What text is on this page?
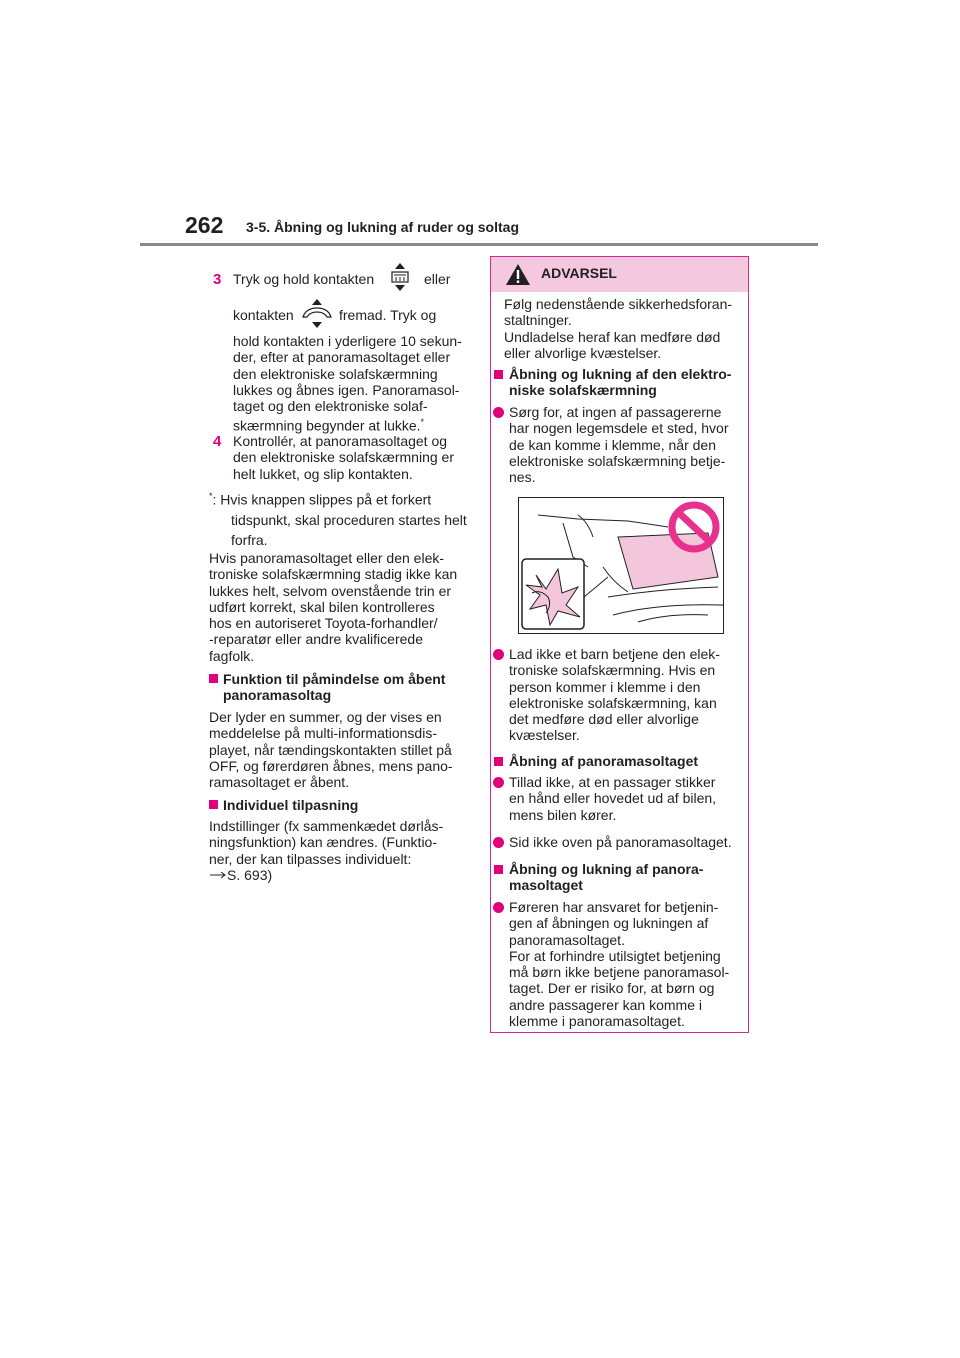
262 3-5. Åbning og lukning af ruder og soltag
3 Tryk og hold kontakten	eller
kontakten	fremad. Tryk og
hold kontakten i yderligere 10 sekun-
der, efter at panoramasoltaget eller
den elektroniske solafskærmning
lukkes og åbnes igen. Panoramasol-
taget og den elektroniske solaf-
skærmning begynder at lukke.*
4 Kontrollér, at panoramasoltaget og
den elektroniske solafskærmning er
helt lukket, og slip kontakten.
*: Hvis knappen slippes på et forkert
tidspunkt, skal proceduren startes helt
forfra.
Hvis panoramasoltaget eller den elek-
troniske solafskærmning stadig ikke kan
lukkes helt, selvom ovenstående trin er
udført korrekt, skal bilen kontrolleres
hos en autoriseret Toyota-forhandler/
-reparatør eller andre kvalificerede
fagfolk.
Funktion til påmindelse om åbent
panoramasoltag
Der lyder en summer, og der vises en
meddelelse på multi-informationsdis-
playet, når tændingskontakten stillet på
OFF, og førerdøren åbnes, mens pano-
ramasoltaget er åbent.
Individuel tilpasning
Indstillinger (fx sammenkædet dørlås-
ningsfunktion) kan ændres. (Funktio-
ner, der kan tilpasses individuelt:
S. 693)
ADVARSEL
Følg nedenstående sikkerhedsforan-
staltninger.
Undladelse heraf kan medføre død
eller alvorlige kvæstelser.
Åbning og lukning af den elektro-
niske solafskærmning
Sørg for, at ingen af passagererne
har nogen legemsdele et sted, hvor
de kan komme i klemme, når den
elektroniske solafskærmning betje-
nes.
Lad ikke et barn betjene den elek-
troniske solafskærmning. Hvis en
person kommer i klemme i den
elektroniske solafskærmning, kan
det medføre død eller alvorlige
kvæstelser.
Åbning af panoramasoltaget
Tillad ikke, at en passager stikker
en hånd eller hovedet ud af bilen,
mens bilen kører.
Sid ikke oven på panoramasoltaget.
Åbning og lukning af panora-
masoltaget
Føreren har ansvaret for betjenin-
gen af åbningen og lukningen af
panoramasoltaget.
For at forhindre utilsigtet betjening
må børn ikke betjene panoramasol-
taget. Der er risiko for, at børn og
andre passagerer kan komme i
klemme i panoramasoltaget.
